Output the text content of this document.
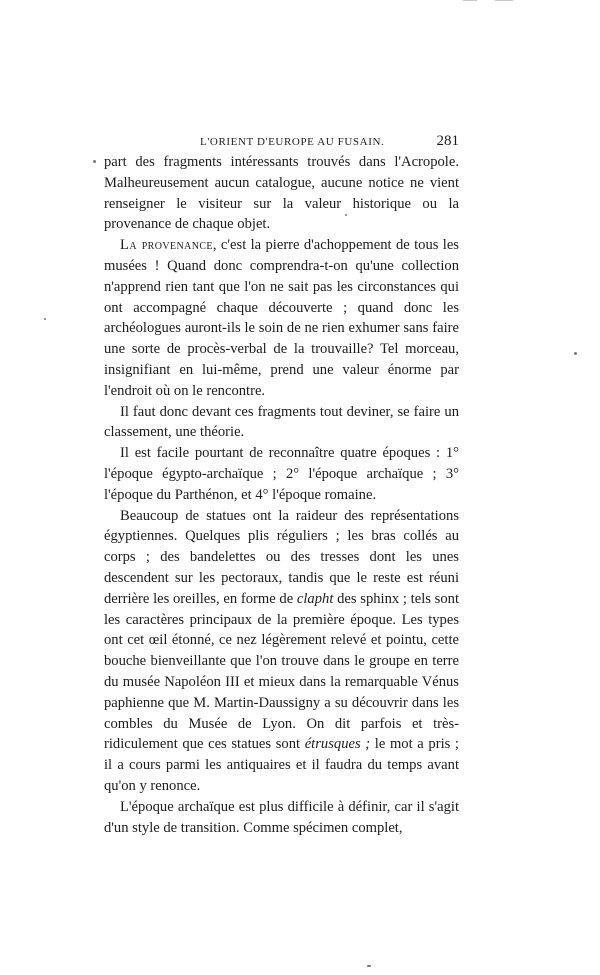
L'ORIENT D'EUROPE AU FUSAIN.	281

part des fragments intéressants trouvés dans l'Acropole. Malheureusement aucun catalogue, aucune notice ne vient renseigner le visiteur sur la valeur historique ou la provenance de chaque objet.

La provenance, c'est la pierre d'achoppement de tous les musées ! Quand donc comprendra-t-on qu'une collection n'apprend rien tant que l'on ne sait pas les circonstances qui ont accompagné chaque découverte ; quand donc les archéologues auront-ils le soin de ne rien exhumer sans faire une sorte de procès-verbal de la trouvaille? Tel morceau, insignifiant en lui-même, prend une valeur énorme par l'endroit où on le rencontre.

Il faut donc devant ces fragments tout deviner, se faire un classement, une théorie.

Il est facile pourtant de reconnaître quatre époques : 1° l'époque égypto-archaïque ; 2° l'époque archaïque ; 3° l'époque du Parthénon, et 4° l'époque romaine.

Beaucoup de statues ont la raideur des représentations égyptiennes. Quelques plis réguliers ; les bras collés au corps ; des bandelettes ou des tresses dont les unes descendent sur les pectoraux, tandis que le reste est réuni derrière les oreilles, en forme de clapht des sphinx ; tels sont les caractères principaux de la première époque. Les types ont cet œil étonné, ce nez légèrement relevé et pointu, cette bouche bienveillante que l'on trouve dans le groupe en terre du musée Napoléon III et mieux dans la remarquable Vénus paphienne que M. Martin-Daussigny a su découvrir dans les combles du Musée de Lyon. On dit parfois et très-ridiculement que ces statues sont étrusques ; le mot a pris ; il a cours parmi les antiquaires et il faudra du temps avant qu'on y renonce.

L'époque archaïque est plus difficile à définir, car il s'agit d'un style de transition. Comme spécimen complet,
